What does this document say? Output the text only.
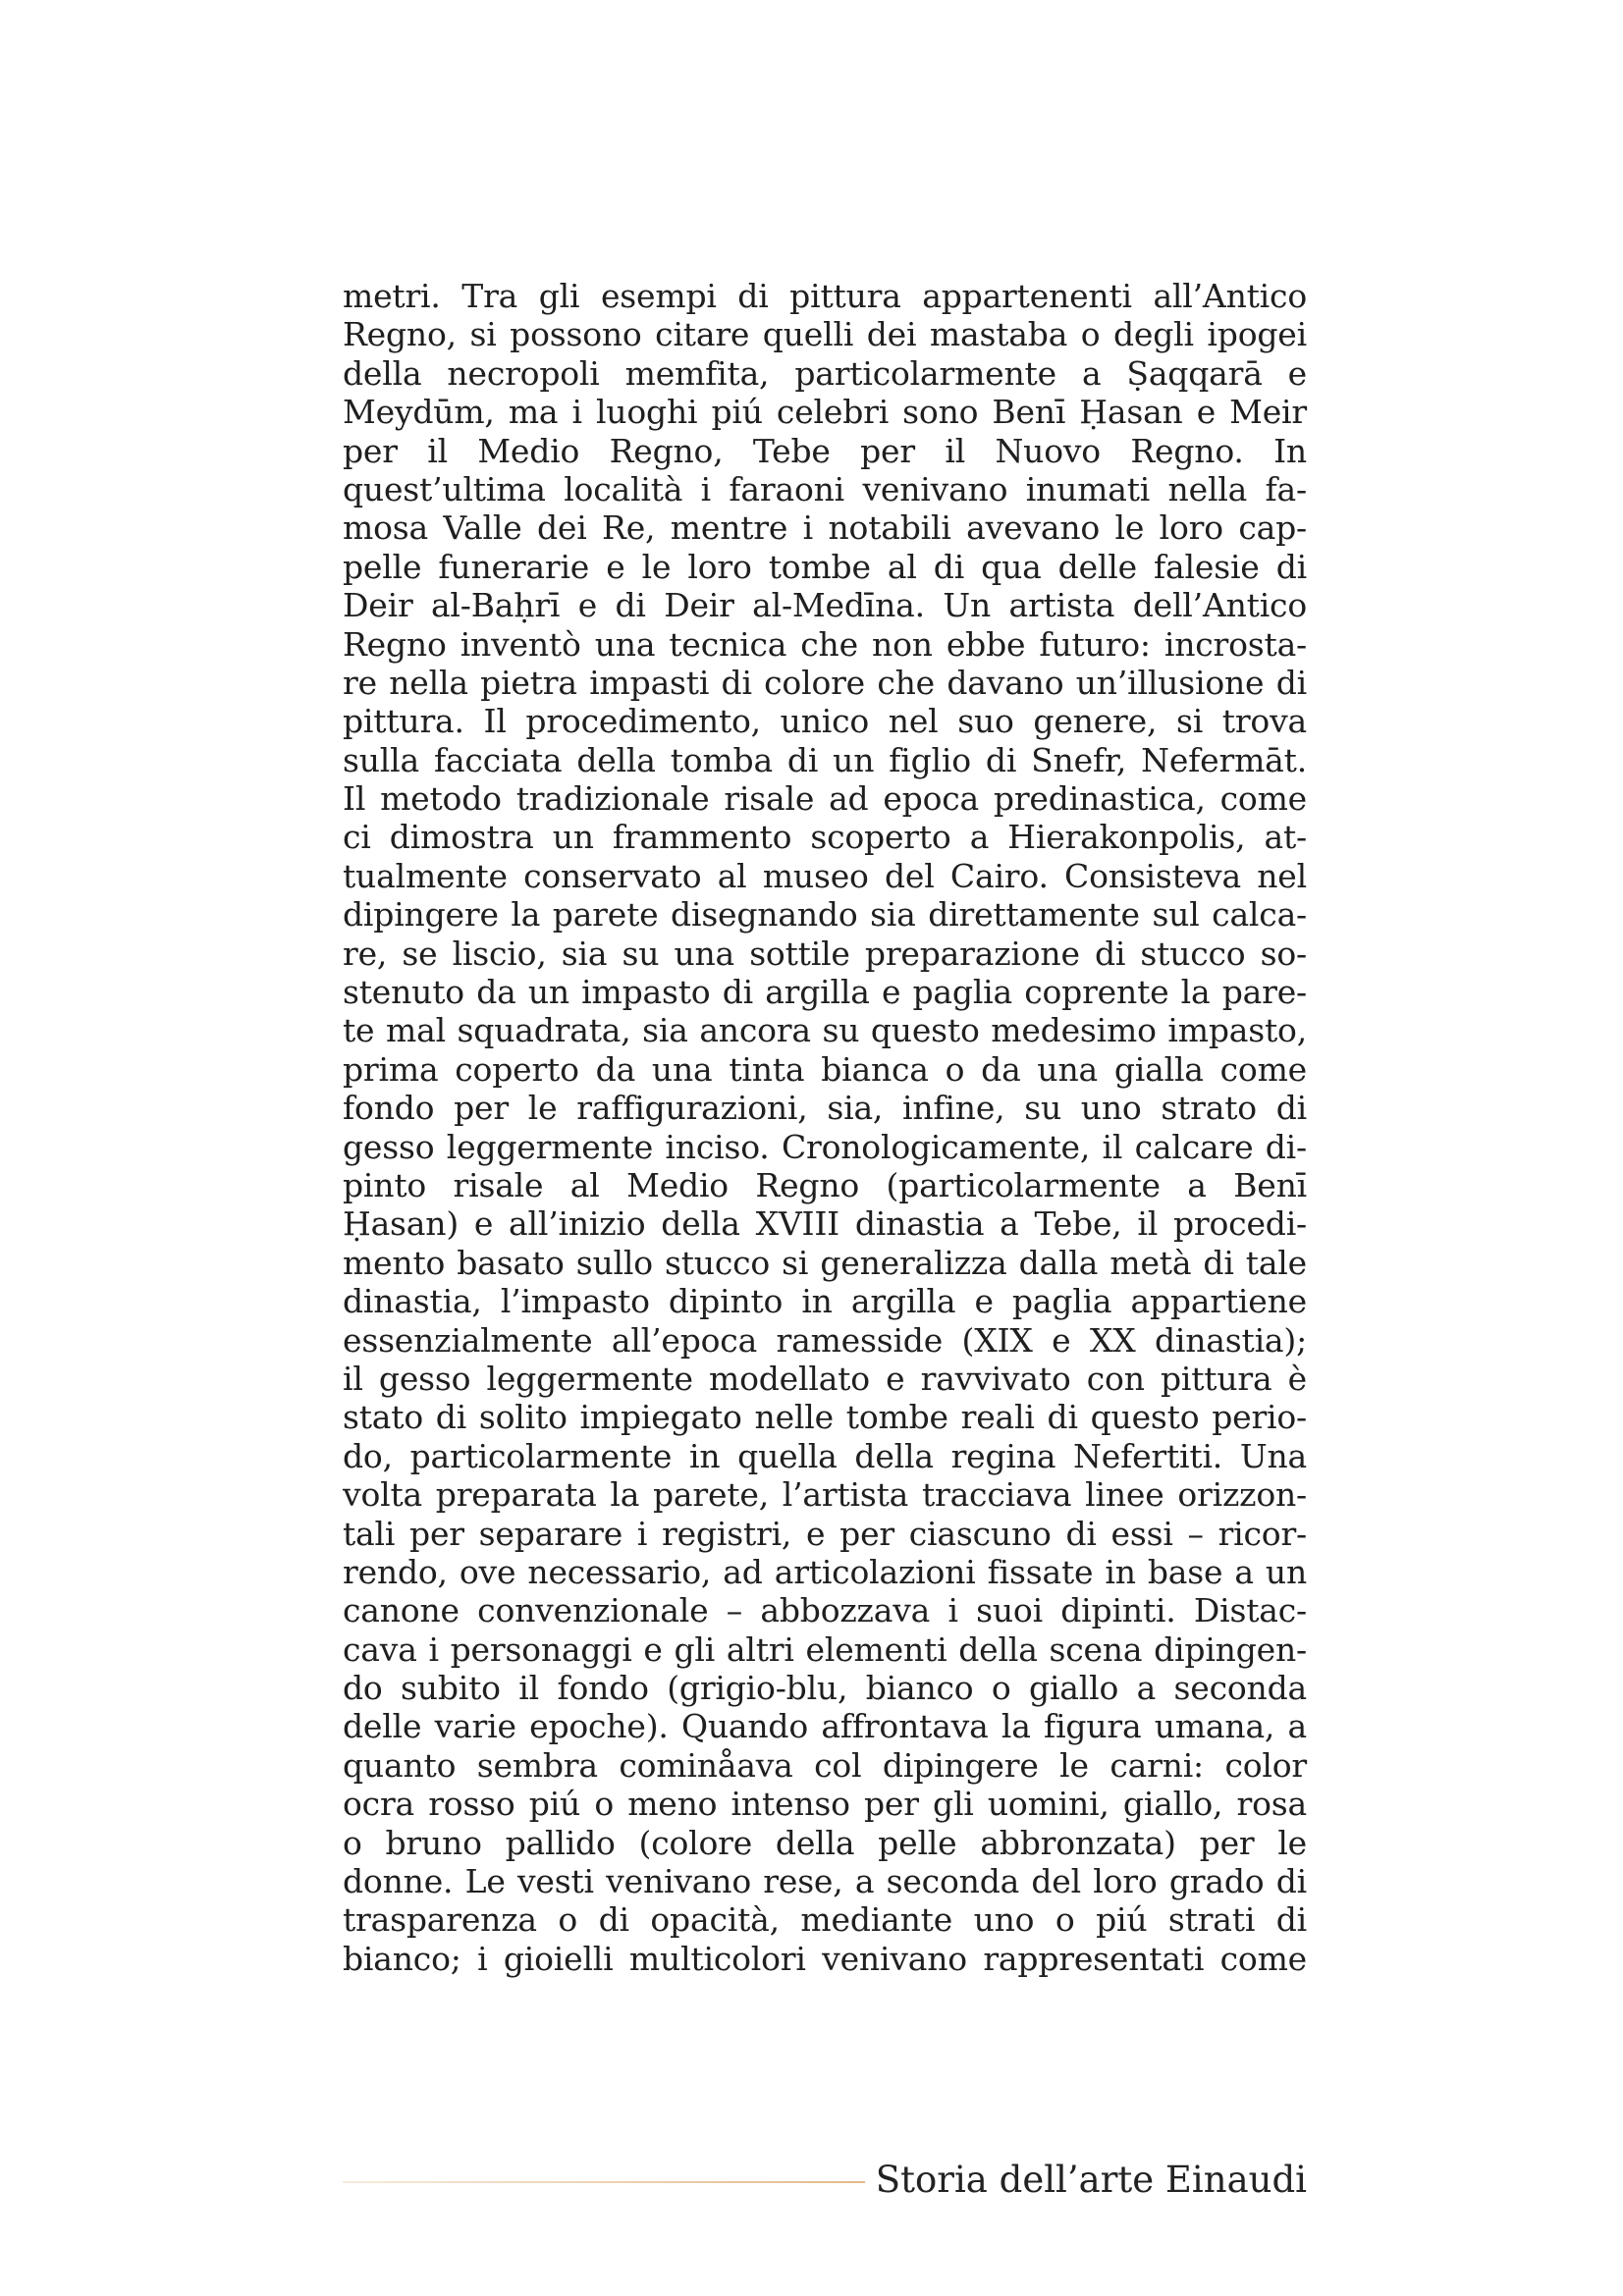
metri. Tra gli esempi di pittura appartenenti all’Antico
Regno, si possono citare quelli dei mastaba o degli ipogei
della necropoli memfita, particolarmente a Ṣaqqarā e
Meydūm, ma i luoghi piú celebri sono Benī Ḥasan e Meir
per il Medio Regno, Tebe per il Nuovo Regno. In
quest’ultima località i faraoni venivano inumati nella fa-
mosa Valle dei Re, mentre i notabili avevano le loro cap-
pelle funerarie e le loro tombe al di qua delle falesie di
Deir al-Baḥrī e di Deir al-Medīna. Un artista dell’Antico
Regno inventò una tecnica che non ebbe futuro: incrosta-
re nella pietra impasti di colore che davano un’illusione di
pittura. Il procedimento, unico nel suo genere, si trova
sulla facciata della tomba di un figlio di Snefr, Nefermāt.
Il metodo tradizionale risale ad epoca predinastica, come
ci dimostra un frammento scoperto a Hierakonpolis, at-
tualmente conservato al museo del Cairo. Consisteva nel
dipingere la parete disegnando sia direttamente sul calca-
re, se liscio, sia su una sottile preparazione di stucco so-
stenuto da un impasto di argilla e paglia coprente la pare-
te mal squadrata, sia ancora su questo medesimo impasto,
prima coperto da una tinta bianca o da una gialla come
fondo per le raffigurazioni, sia, infine, su uno strato di
gesso leggermente inciso. Cronologicamente, il calcare di-
pinto risale al Medio Regno (particolarmente a Benī
Ḥasan) e all’inizio della XVIII dinastia a Tebe, il procedi-
mento basato sullo stucco si generalizza dalla metà di tale
dinastia, l’impasto dipinto in argilla e paglia appartiene
essenzialmente all’epoca ramesside (XIX e XX dinastia);
il gesso leggermente modellato e ravvivato con pittura è
stato di solito impiegato nelle tombe reali di questo perio-
do, particolarmente in quella della regina Nefertiti. Una
volta preparata la parete, l’artista tracciava linee orizzon-
tali per separare i registri, e per ciascuno di essi – ricor-
rendo, ove necessario, ad articolazioni fissate in base a un
canone convenzionale – abbozzava i suoi dipinti. Distac-
cava i personaggi e gli altri elementi della scena dipingen-
do subito il fondo (grigio-blu, bianco o giallo a seconda
delle varie epoche). Quando affrontava la figura umana, a
quanto sembra cominåava col dipingere le carni: color
ocra rosso piú o meno intenso per gli uomini, giallo, rosa
o bruno pallido (colore della pelle abbronzata) per le
donne. Le vesti venivano rese, a seconda del loro grado di
trasparenza o di opacità, mediante uno o piú strati di
bianco; i gioielli multicolori venivano rappresentati come
Storia dell’arte Einaudi
